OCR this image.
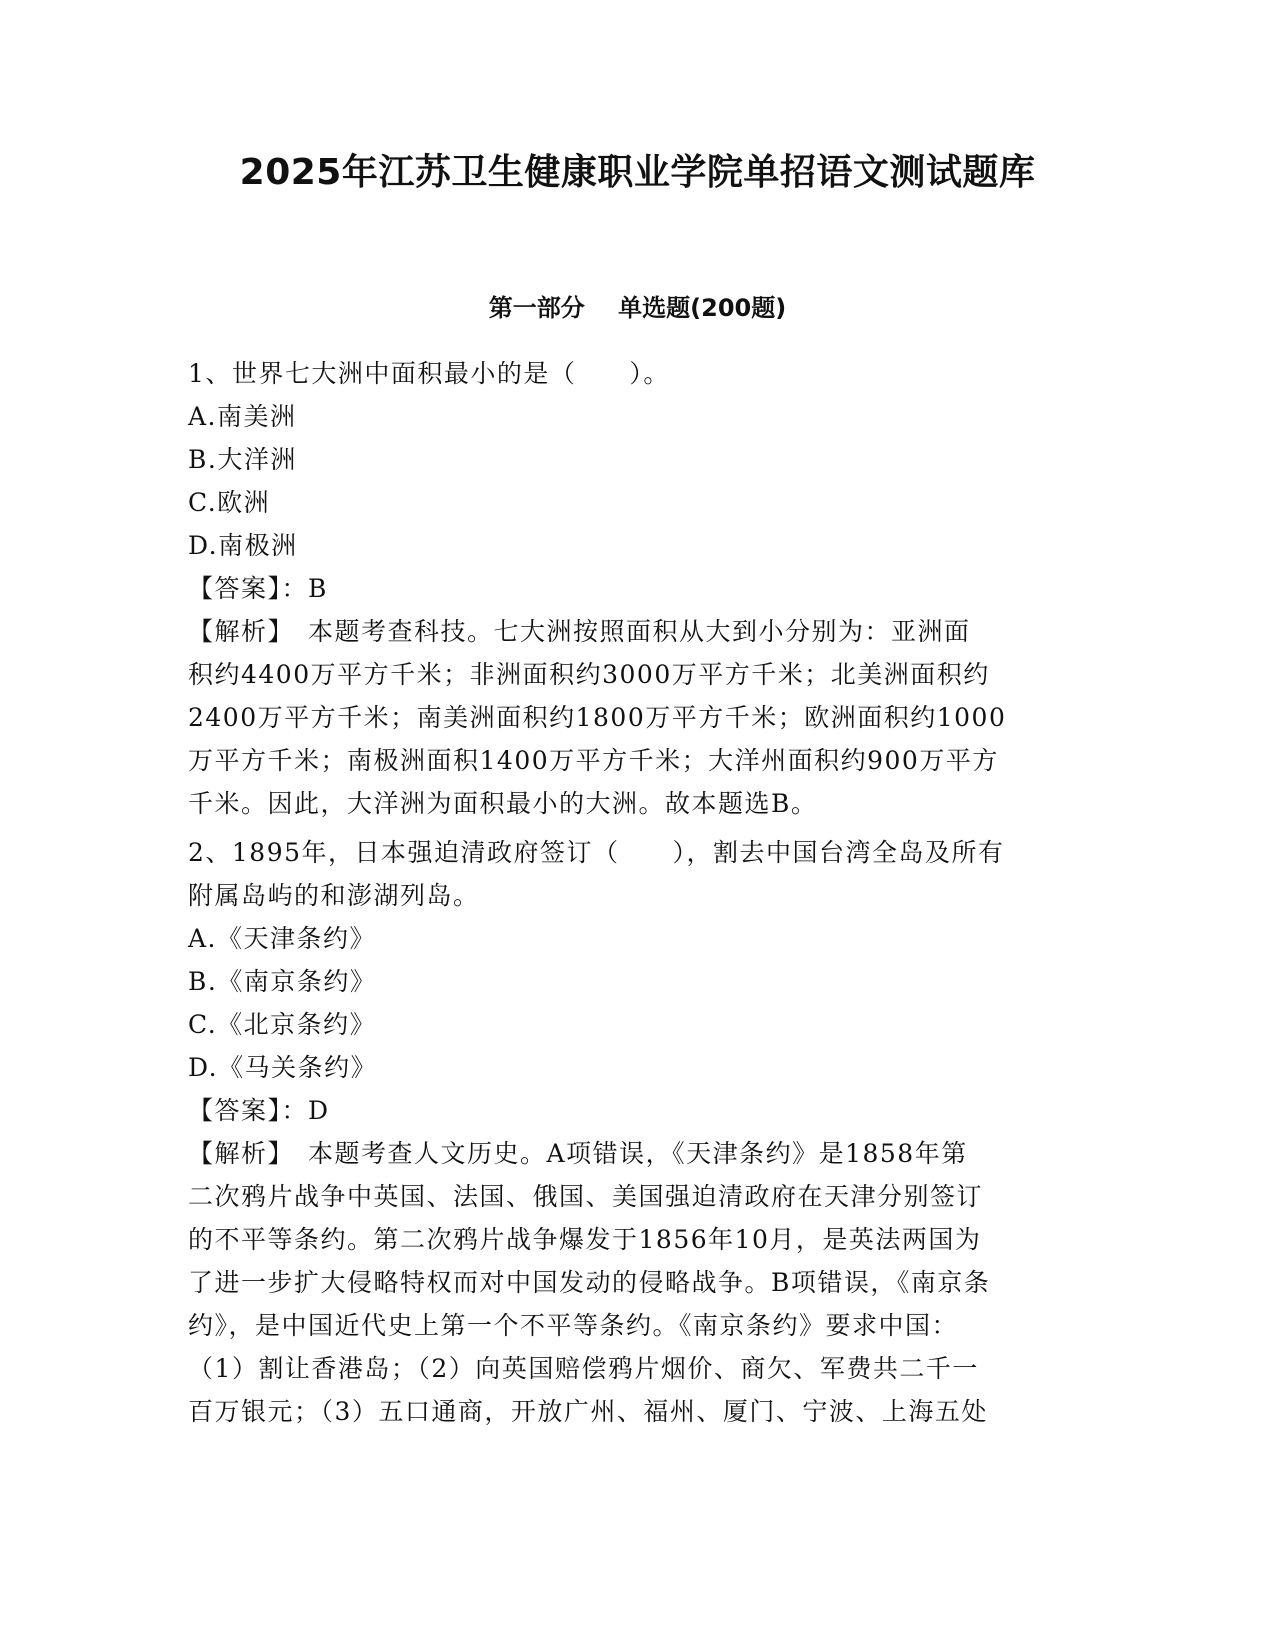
2025年江苏卫生健康职业学院单招语文测试题库
第一部分    单选题(200题)
1、世界七大洲中面积最小的是（　　）。
A.南美洲
B.大洋洲
C.欧洲
D.南极洲
【答案】：B
【解析】　本题考查科技。七大洲按照面积从大到小分别为：亚洲面
积约4400万平方千米；非洲面积约3000万平方千米；北美洲面积约
2400万平方千米；南美洲面积约1800万平方千米；欧洲面积约1000
万平方千米；南极洲面积1400万平方千米；大洋州面积约900万平方
千米。因此，大洋洲为面积最小的大洲。故本题选B。
2、1895年，日本强迫清政府签订（　　），割去中国台湾全岛及所有
附属岛屿的和澎湖列岛。
A.《天津条约》
B.《南京条约》
C.《北京条约》
D.《马关条约》
【答案】：D
【解析】　本题考查人文历史。A项错误，《天津条约》是1858年第
二次鸦片战争中英国、法国、俄国、美国强迫清政府在天津分别签订
的不平等条约。第二次鸦片战争爆发于1856年10月，是英法两国为
了进一步扩大侵略特权而对中国发动的侵略战争。B项错误，《南京条
约》，是中国近代史上第一个不平等条约。《南京条约》要求中国：
（1）割让香港岛；（2）向英国赔偿鸦片烟价、商欠、军费共二千一
百万银元；（3）五口通商，开放广州、福州、厦门、宁波、上海五处
